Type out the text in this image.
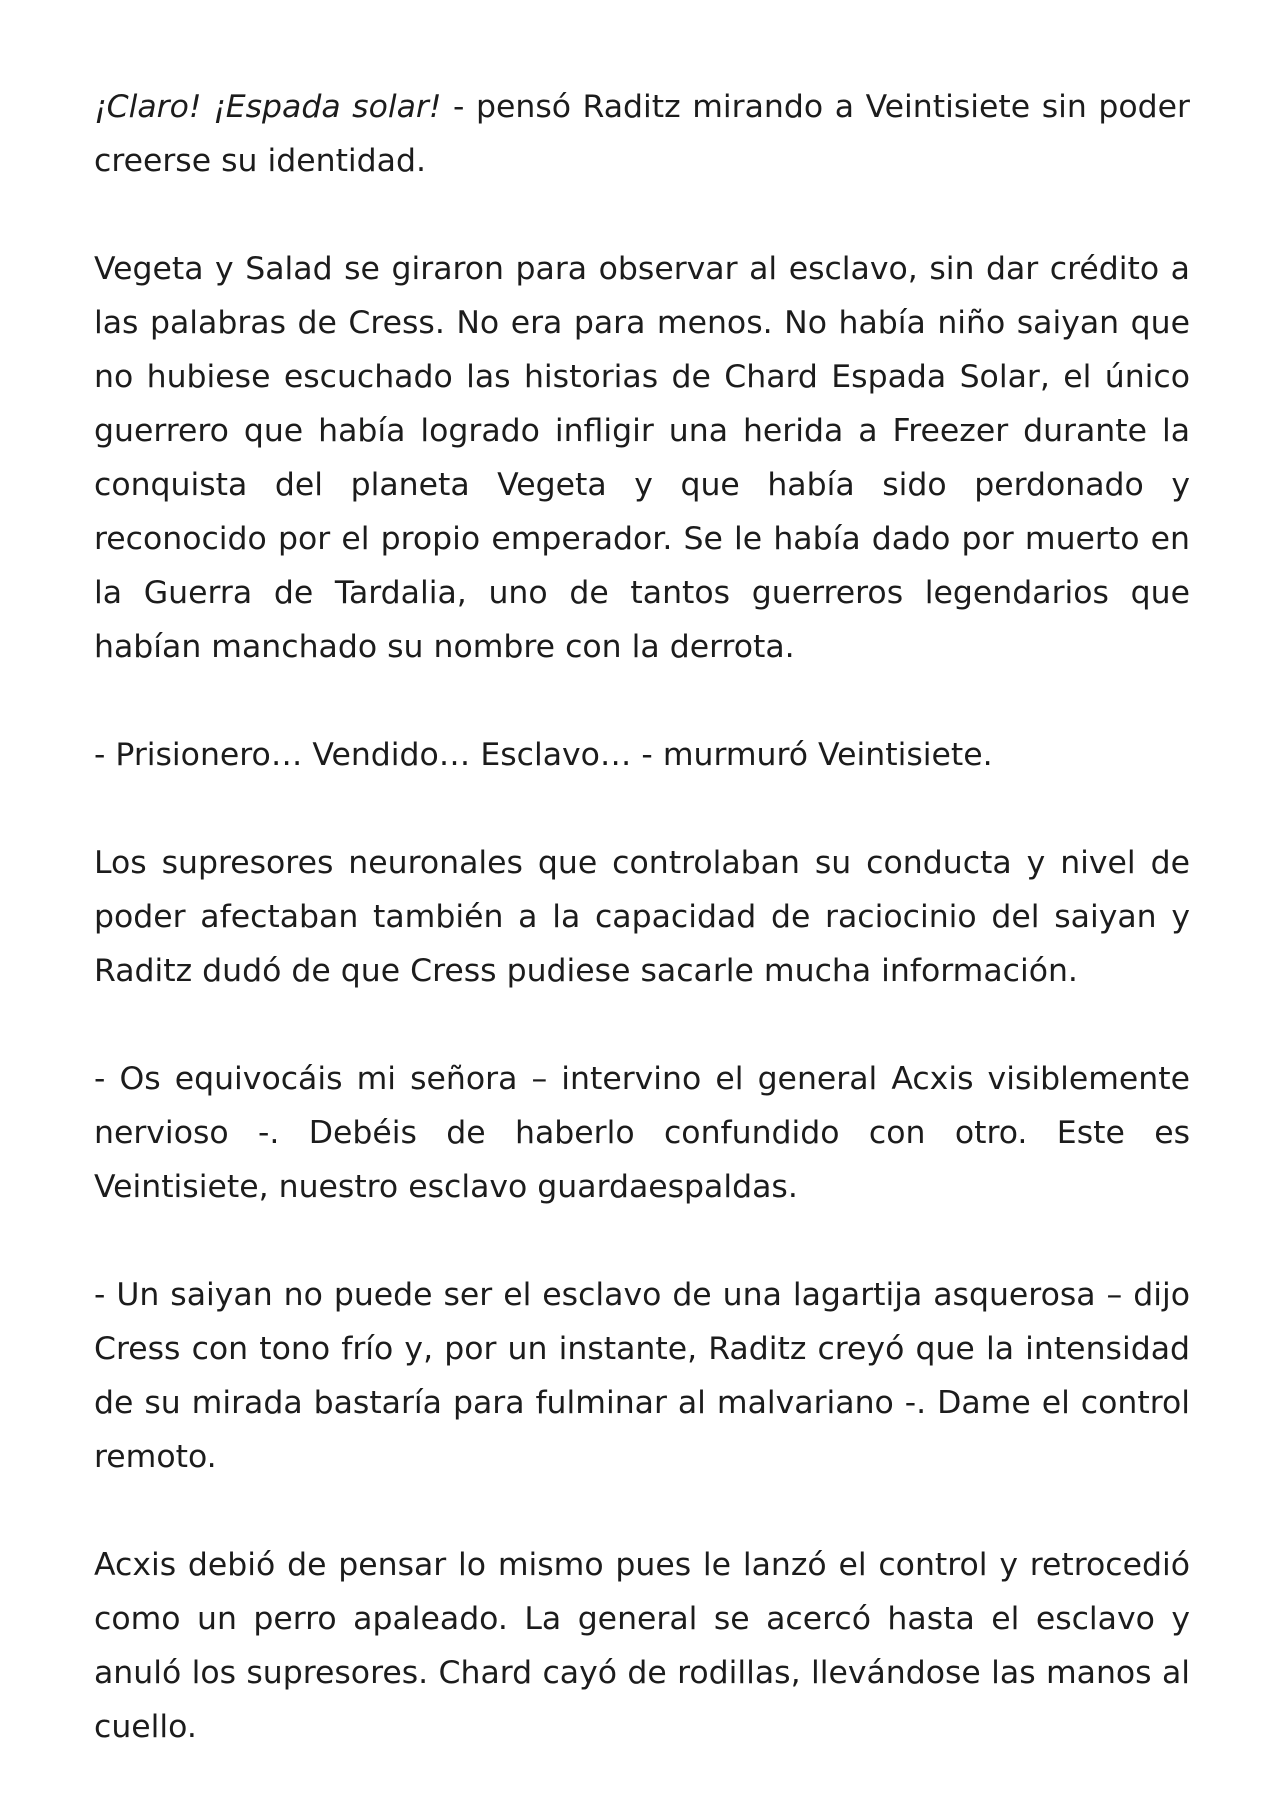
¡Claro! ¡Espada solar! - pensó Raditz mirando a Veintisiete sin poder creerse su identidad.

Vegeta y Salad se giraron para observar al esclavo, sin dar crédito a las palabras de Cress. No era para menos. No había niño saiyan que no hubiese escuchado las historias de Chard Espada Solar, el único guerrero que había logrado infligir una herida a Freezer durante la conquista del planeta Vegeta y que había sido perdonado y reconocido por el propio emperador. Se le había dado por muerto en la Guerra de Tardalia, uno de tantos guerreros legendarios que habían manchado su nombre con la derrota.

- Prisionero… Vendido… Esclavo… - murmuró Veintisiete.

Los supresores neuronales que controlaban su conducta y nivel de poder afectaban también a la capacidad de raciocinio del saiyan y Raditz dudó de que Cress pudiese sacarle mucha información.

- Os equivocáis mi señora – intervino el general Acxis visiblemente nervioso -. Debéis de haberlo confundido con otro. Este es Veintisiete, nuestro esclavo guardaespaldas.

- Un saiyan no puede ser el esclavo de una lagartija asquerosa – dijo Cress con tono frío y, por un instante, Raditz creyó que la intensidad de su mirada bastaría para fulminar al malvariano -. Dame el control remoto.

Acxis debió de pensar lo mismo pues le lanzó el control y retrocedió como un perro apaleado. La general se acercó hasta el esclavo y anuló los supresores. Chard cayó de rodillas, llevándose las manos al cuello.
